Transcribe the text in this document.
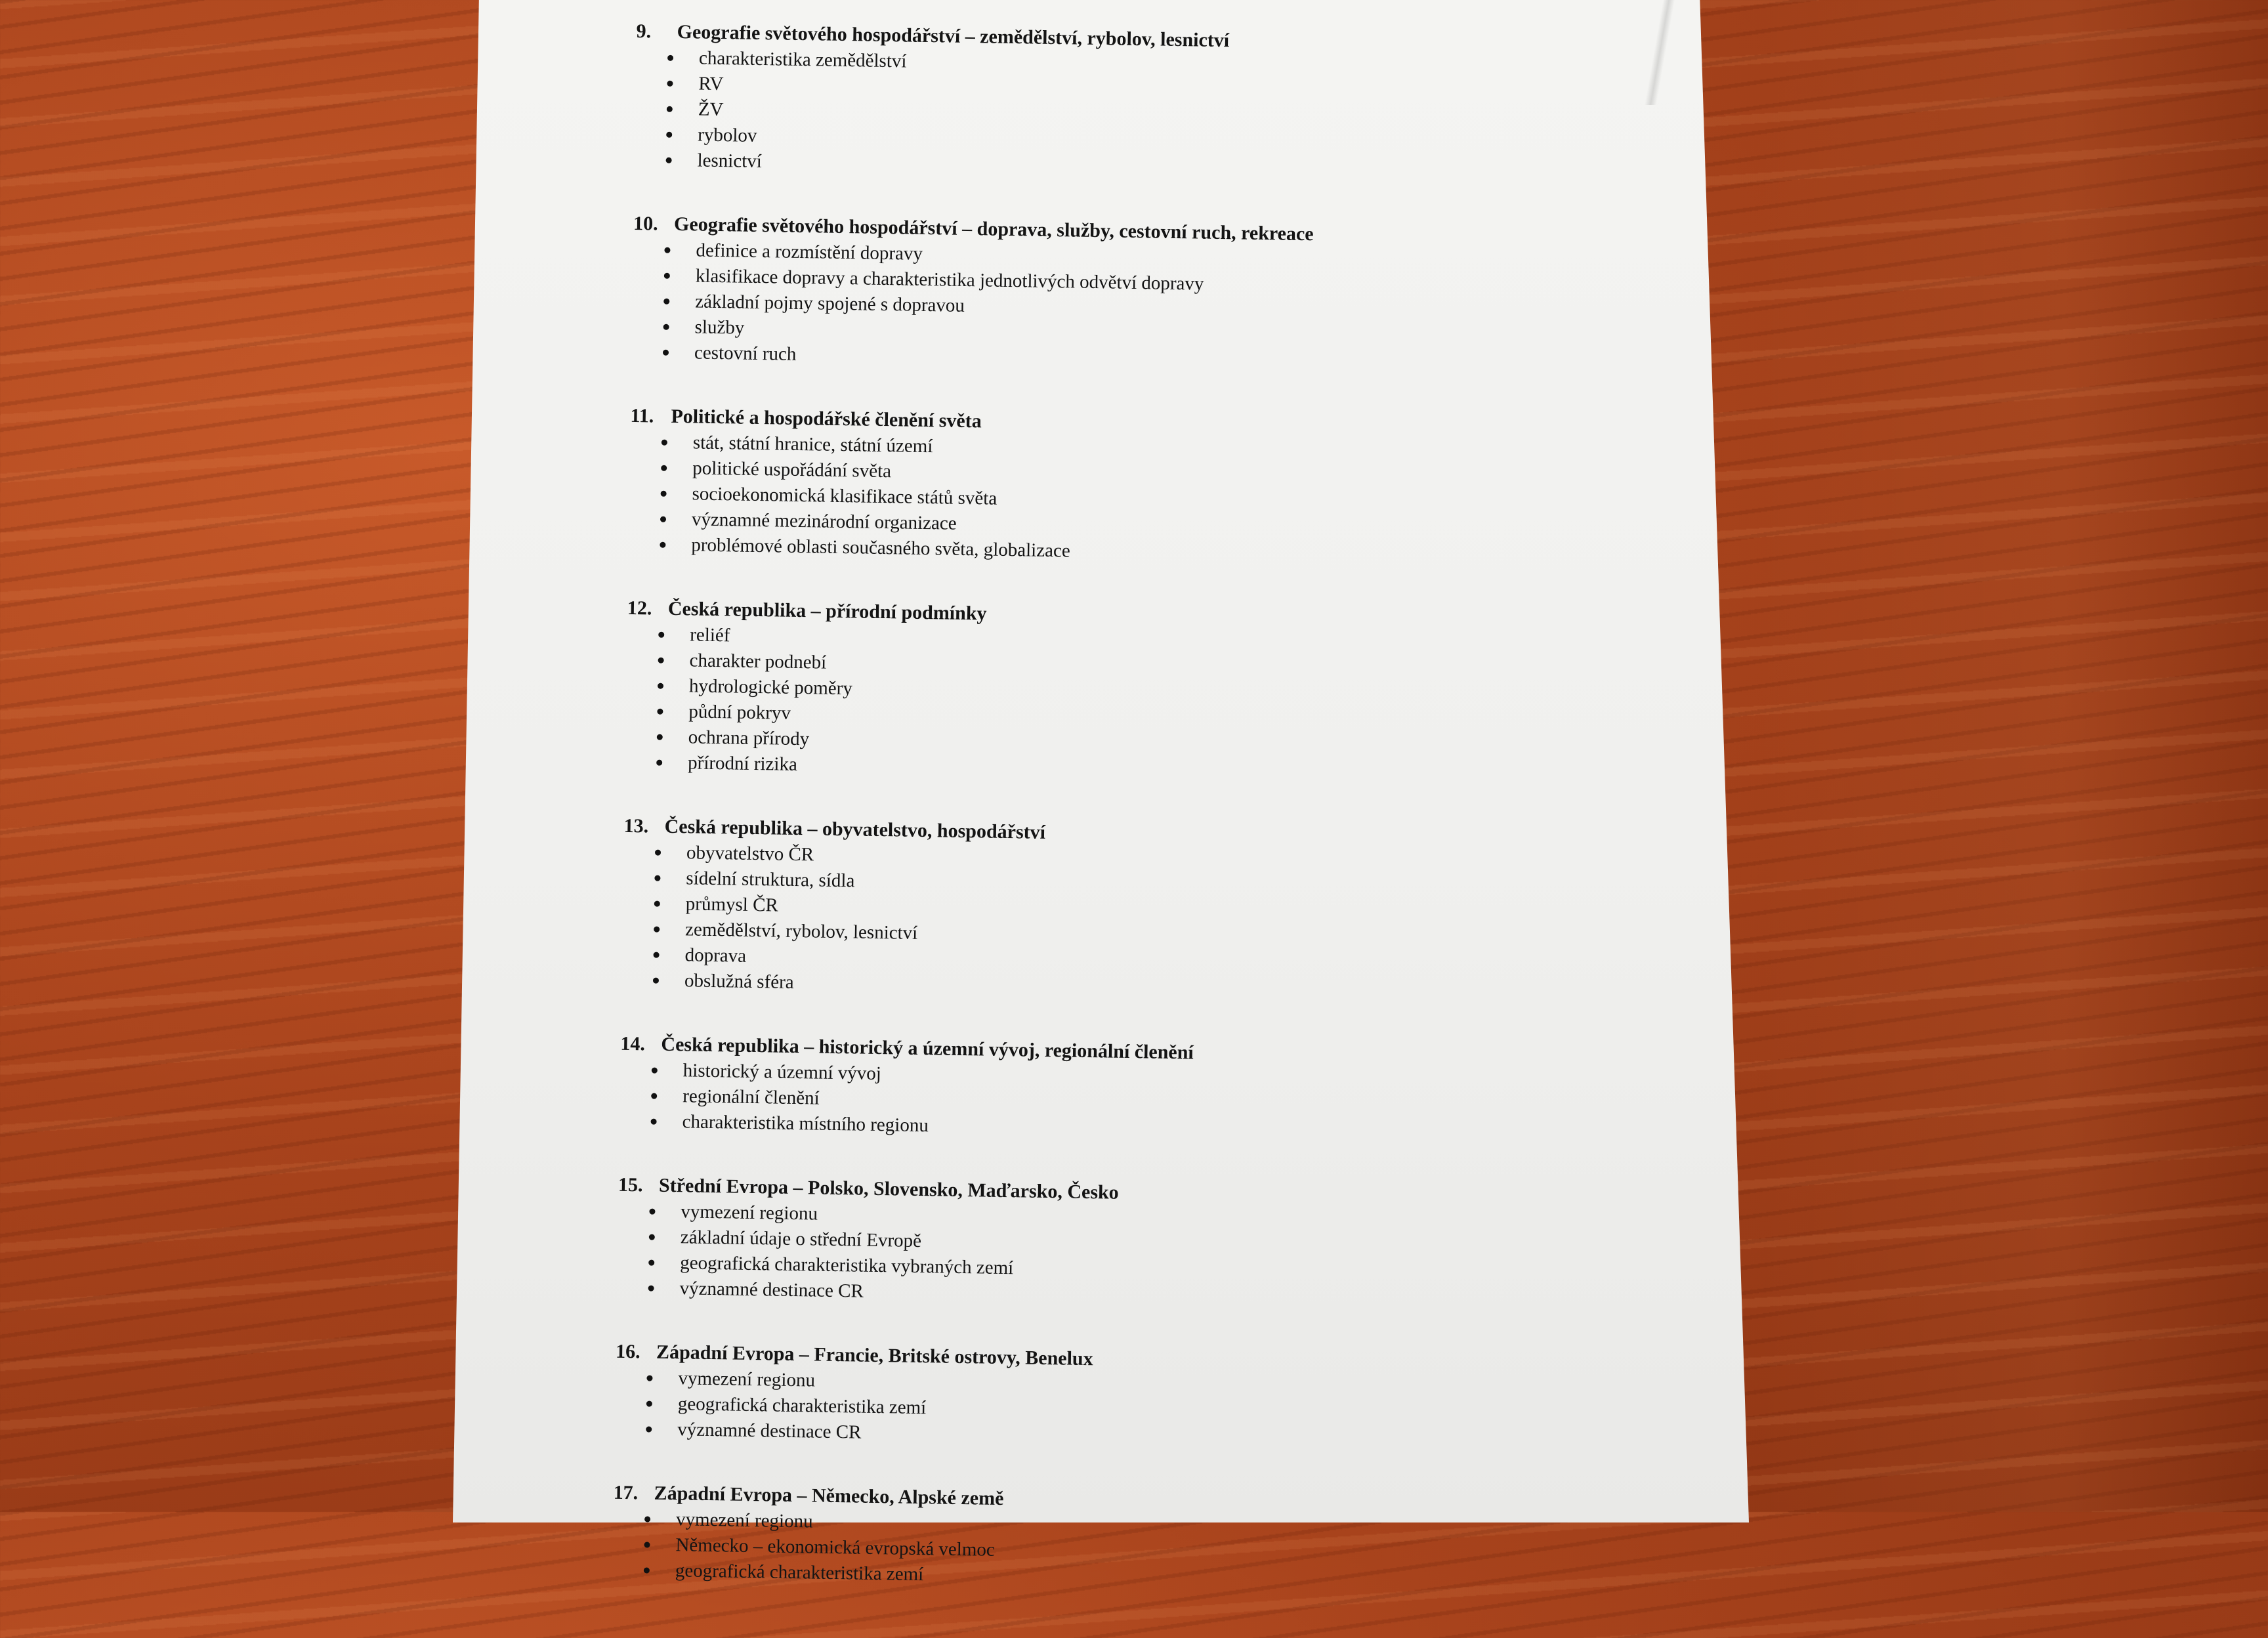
9. Geografie světového hospodářství – zemědělství, rybolov, lesnictví
charakteristika zemědělství
RV
ŽV
rybolov
lesnictví
10. Geografie světového hospodářství – doprava, služby, cestovní ruch, rekreace
definice a rozmístění dopravy
klasifikace dopravy a charakteristika jednotlivých odvětví dopravy
základní pojmy spojené s dopravou
služby
cestovní ruch
11. Politické a hospodářské členění světa
stát, státní hranice, státní území
politické uspořádání světa
socioekonomická klasifikace států světa
významné mezinárodní organizace
problémové oblasti současného světa, globalizace
12. Česká republika – přírodní podmínky
reliéf
charakter podnebí
hydrologické poměry
půdní pokryv
ochrana přírody
přírodní rizika
13. Česká republika – obyvatelstvo, hospodářství
obyvatelstvo ČR
sídelní struktura, sídla
průmysl ČR
zemědělství, rybolov, lesnictví
doprava
obslužná sféra
14. Česká republika – historický a územní vývoj, regionální členění
historický a územní vývoj
regionální členění
charakteristika místního regionu
15. Střední Evropa – Polsko, Slovensko, Maďarsko, Česko
vymezení regionu
základní údaje o střední Evropě
geografická charakteristika vybraných zemí
významné destinace CR
16. Západní Evropa – Francie, Britské ostrovy, Benelux
vymezení regionu
geografická charakteristika zemí
významné destinace CR
17. Západní Evropa – Německo, Alpské země
vymezení regionu
Německo – ekonomická evropská velmoc
geografická charakteristika zemí
